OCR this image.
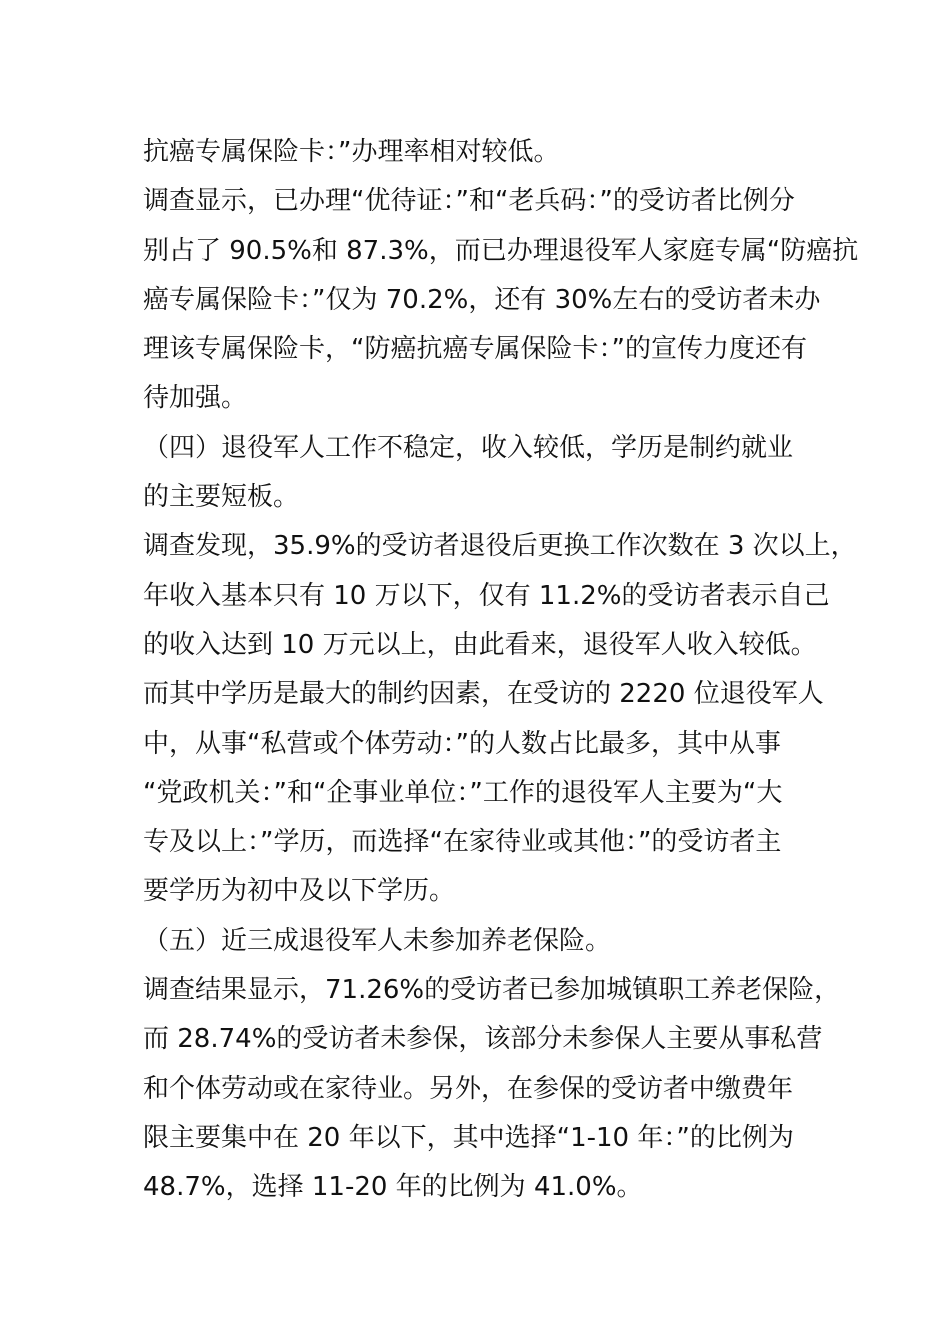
抗癌专属保险卡：”办理率相对较低。
调查显示，已办理“优待证：”和“老兵码：”的受访者比例分
别占了 90.5%和 87.3%，而已办理退役军人家庭专属“防癌抗
癌专属保险卡：”仅为 70.2%，还有 30%左右的受访者未办
理该专属保险卡，“防癌抗癌专属保险卡：”的宣传力度还有
待加强。
（四）退役军人工作不稳定，收入较低，学历是制约就业
的主要短板。
调查发现，35.9%的受访者退役后更换工作次数在 3 次以上，
年收入基本只有 10 万以下，仅有 11.2%的受访者表示自己
的收入达到 10 万元以上，由此看来，退役军人收入较低。
而其中学历是最大的制约因素，在受访的 2220 位退役军人
中，从事“私营或个体劳动：”的人数占比最多，其中从事
“党政机关：”和“企事业单位：”工作的退役军人主要为“大
专及以上：”学历，而选择“在家待业或其他：”的受访者主
要学历为初中及以下学历。
（五）近三成退役军人未参加养老保险。
调查结果显示，71.26%的受访者已参加城镇职工养老保险，
而 28.74%的受访者未参保，该部分未参保人主要从事私营
和个体劳动或在家待业。另外，在参保的受访者中缴费年
限主要集中在 20 年以下，其中选择“1-10 年：”的比例为
48.7%，选择 11-20 年的比例为 41.0%。
